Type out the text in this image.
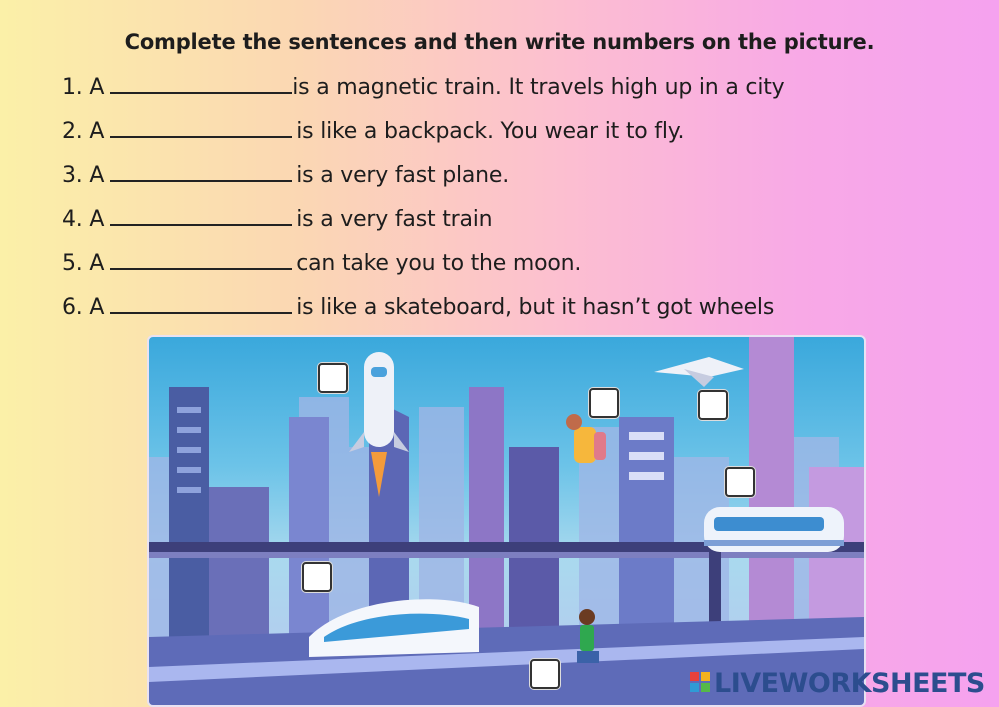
Complete the sentences and then write numbers on the picture.
1. A	is a magnetic train. It travels high up in a city
2. A	is like a backpack. You wear it to fly.
3. A	is a very fast plane.
4. A	is a very fast train
5. A	can take you to the moon.
6. A	is like a skateboard, but it hasn’t got wheels
LIVEWORKSHEETS
